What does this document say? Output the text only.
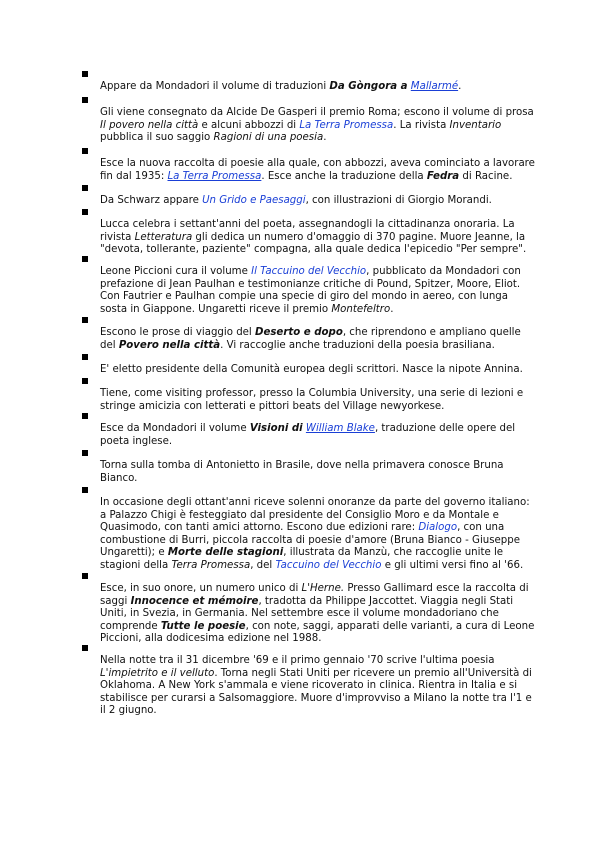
Appare da Mondadori il volume di traduzioni Da Gòngora a Mallarmé.
Gli viene consegnato da Alcide De Gasperi il premio Roma; escono il volume di prosa Il povero nella città e alcuni abbozzi di La Terra Promessa. La rivista Inventario pubblica il suo saggio Ragioni di una poesia.
Esce la nuova raccolta di poesie alla quale, con abbozzi, aveva cominciato a lavorare fin dal 1935: La Terra Promessa. Esce anche la traduzione della Fedra di Racine.
Da Schwarz appare Un Grido e Paesaggi, con illustrazioni di Giorgio Morandi.
Lucca celebra i settant'anni del poeta, assegnandogli la cittadinanza onoraria. La rivista Letteratura gli dedica un numero d'omaggio di 370 pagine. Muore Jeanne, la "devota, tollerante, paziente" compagna, alla quale dedica l'epicedio "Per sempre".
Leone Piccioni cura il volume Il Taccuino del Vecchio, pubblicato da Mondadori con prefazione di Jean Paulhan e testimonianze critiche di Pound, Spitzer, Moore, Eliot. Con Fautrier e Paulhan compie una specie di giro del mondo in aereo, con lunga sosta in Giappone. Ungaretti riceve il premio Montefeltro.
Escono le prose di viaggio del Deserto e dopo, che riprendono e ampliano quelle del Povero nella città. Vi raccoglie anche traduzioni della poesia brasiliana.
E' eletto presidente della Comunità europea degli scrittori. Nasce la nipote Annina.
Tiene, come visiting professor, presso la Columbia University, una serie di lezioni e stringe amicizia con letterati e pittori beats del Village newyorkese.
Esce da Mondadori il volume Visioni di William Blake, traduzione delle opere del poeta inglese.
Torna sulla tomba di Antonietto in Brasile, dove nella primavera conosce Bruna Bianco.
In occasione degli ottant'anni riceve solenni onoranze da parte del governo italiano: a Palazzo Chigi è festeggiato dal presidente del Consiglio Moro e da Montale e Quasimodo, con tanti amici attorno. Escono due edizioni rare: Dialogo, con una combustione di Burri, piccola raccolta di poesie d'amore (Bruna Bianco - Giuseppe Ungaretti); e Morte delle stagioni, illustrata da Manzù, che raccoglie unite le stagioni della Terra Promessa, del Taccuino del Vecchio e gli ultimi versi fino al '66.
Esce, in suo onore, un numero unico di L'Herne. Presso Gallimard esce la raccolta di saggi Innocence et mémoire, tradotta da Philippe Jaccottet. Viaggia negli Stati Uniti, in Svezia, in Germania. Nel settembre esce il volume mondadoriano che comprende Tutte le poesie, con note, saggi, apparati delle varianti, a cura di Leone Piccioni, alla dodicesima edizione nel 1988.
Nella notte tra il 31 dicembre '69 e il primo gennaio '70 scrive l'ultima poesia L'impietrito e il velluto. Torna negli Stati Uniti per ricevere un premio all'Università di Oklahoma. A New York s'ammala e viene ricoverato in clinica. Rientra in Italia e si stabilisce per curarsi a Salsomaggiore. Muore d'improvviso a Milano la notte tra l'1 e il 2 giugno.
